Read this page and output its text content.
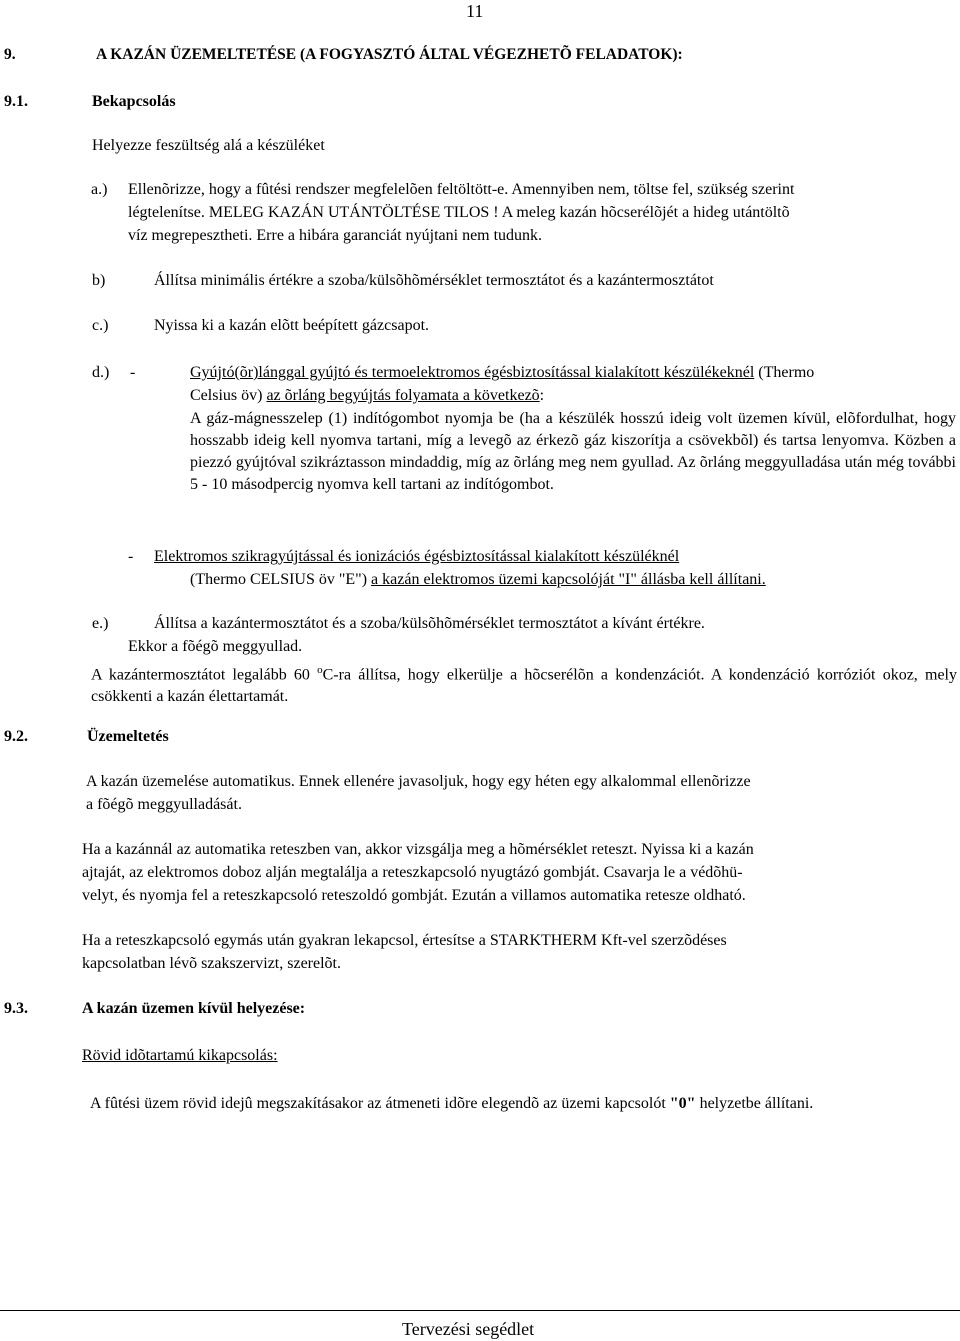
11
9.	A KAZÁN ÜZEMELTETÉSE (A FOGYASZTÓ ÁLTAL VÉGEZHETÕ FELADATOK):
9.1.	Bekapcsolás
Helyezze feszültség alá a készüléket
a.) Ellenõrizze, hogy a fûtési rendszer megfelelõen feltöltött-e. Amennyiben nem, töltse fel, szükség szerint
légtelenítse. MELEG KAZÁN UTÁNTÖLTÉSE TILOS ! A meleg kazán hõcserélõjét a hideg utántöltõ
víz megrepesztheti. Erre a hibára garanciát nyújtani nem tudunk.
b)	Állítsa minimális értékre a szoba/külsõhõmérséklet termosztátot és a kazántermosztátot
c.)	Nyissa ki a kazán elõtt beépített gázcsapot.
d.) -	Gyújtó(õr)lánggal gyújtó és termoelektromos égésbiztosítással kialakított készülékeknél (Thermo
Celsius öv) az õrláng begyújtás folyamata a következõ:
A gáz-mágnesszelep (1) indítógombot nyomja be (ha a készülék hosszú ideig volt üzemen kívül, elõfordulhat, hogy hosszabb ideig kell nyomva tartani, míg a levegõ az érkezõ gáz kiszorítja a csövekbõl) és tartsa lenyomva. Közben a piezzó gyújtóval szikráztasson mindaddig, míg az õrláng meg nem gyullad. Az õrláng meggyulladása után még további 5 - 10 másodpercig nyomva kell tartani az indítógombot.
- Elektromos szikragyújtással és ionizációs égésbiztosítással kialakított készüléknél
(Thermo CELSIUS öv "E") a kazán elektromos üzemi kapcsolóját "I" állásba kell állítani.
e.)	Állítsa a kazántermosztátot és a szoba/külsõhõmérséklet termosztátot a kívánt értékre.
Ekkor a fõégõ meggyullad.
A kazántermosztátot legalább 60 $^o$C-ra állítsa, hogy elkerülje a hõcserélõn a kondenzációt. A kondenzáció korróziót okoz, mely csökkenti a kazán élettartamát.
9.2.	Üzemeltetés
A kazán üzemelése automatikus. Ennek ellenére javasoljuk, hogy egy héten egy alkalommal ellenõrizze
a fõégõ meggyulladását.
Ha a kazánnál az automatika reteszben van, akkor vizsgálja meg a hõmérséklet reteszt. Nyissa ki a kazán
ajtaját, az elektromos doboz alján megtalálja a reteszkapcsoló nyugtázó gombját. Csavarja le a védõhü-
velyt, és nyomja fel a reteszkapcsoló reteszoldó gombját. Ezután a villamos automatika retesze oldható.
Ha a reteszkapcsoló egymás után gyakran lekapcsol, értesítse a STARKTHERM Kft-vel szerzõdéses
kapcsolatban lévõ szakszervizt, szerelõt.
9.3.	A kazán üzemen kívül helyezése:
Rövid idõtartamú kikapcsolás:
A fûtési üzem rövid idejû megszakításakor az átmeneti idõre elegendõ az üzemi kapcsolót "0" helyzetbe állítani.
Tervezési segédlet
